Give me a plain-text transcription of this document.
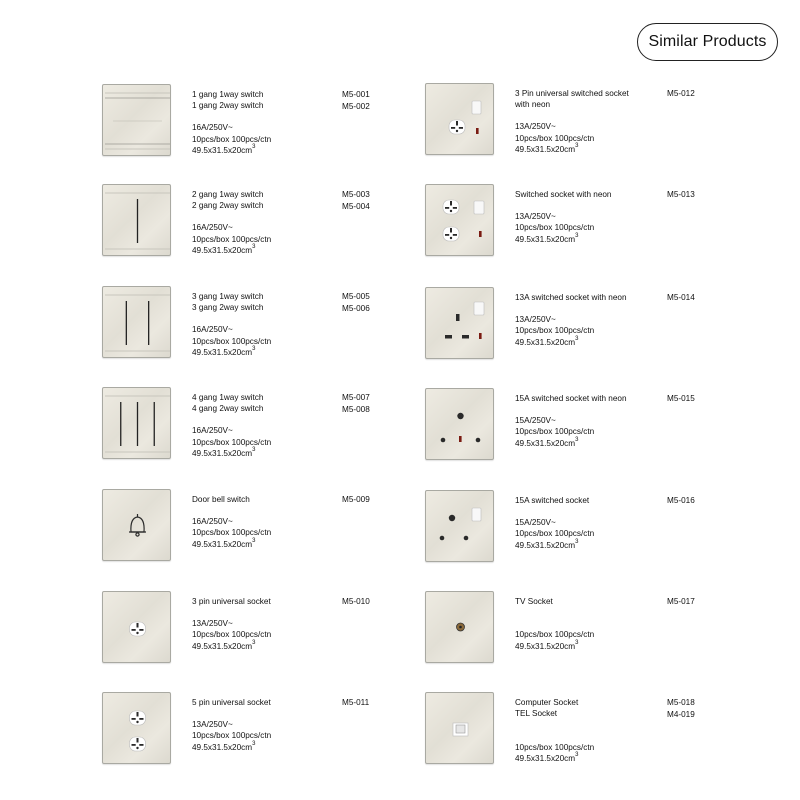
Similar Products
1 gang 1way switch
1 gang 2way switch
16A/250V~
10pcs/box 100pcs/ctn
$49.5x31.5x20cm^3$
M5-001
M5-002
2 gang 1way switch
2 gang 2way switch
16A/250V~
10pcs/box 100pcs/ctn
$49.5x31.5x20cm^3$
M5-003
M5-004
3 gang 1way switch
3 gang 2way switch
16A/250V~
10pcs/box 100pcs/ctn
$49.5x31.5x20cm^3$
M5-005
M5-006
4 gang 1way switch
4 gang 2way switch
16A/250V~
10pcs/box 100pcs/ctn
$49.5x31.5x20cm^3$
M5-007
M5-008
Door bell switch
16A/250V~
10pcs/box 100pcs/ctn
$49.5x31.5x20cm^3$
M5-009
3 pin universal socket
13A/250V~
10pcs/box 100pcs/ctn
$49.5x31.5x20cm^3$
M5-010
5 pin universal socket
13A/250V~
10pcs/box 100pcs/ctn
$49.5x31.5x20cm^3$
M5-011
3 Pin universal switched socket
with neon
13A/250V~
10pcs/box 100pcs/ctn
$49.5x31.5x20cm^3$
M5-012
Switched socket with neon
13A/250V~
10pcs/box 100pcs/ctn
$49.5x31.5x20cm^3$
M5-013
13A switched socket with neon
13A/250V~
10pcs/box 100pcs/ctn
$49.5x31.5x20cm^3$
M5-014
15A switched socket with neon
15A/250V~
10pcs/box 100pcs/ctn
$49.5x31.5x20cm^3$
M5-015
15A switched socket
15A/250V~
10pcs/box 100pcs/ctn
$49.5x31.5x20cm^3$
M5-016
TV Socket

10pcs/box 100pcs/ctn
$49.5x31.5x20cm^3$
M5-017
Computer Socket
TEL Socket

10pcs/box 100pcs/ctn
$49.5x31.5x20cm^3$
M5-018
M4-019
